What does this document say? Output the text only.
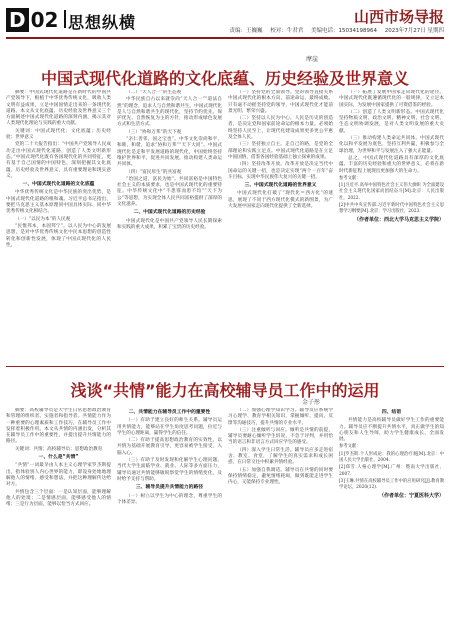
D 02 思想纵横	山西市场导报
责编：王巍巍 校对：牛君君 美编电话：15034198964 2023年7月27日 星期四
摩崖
中国式现代化道路的文化底蕴、历史经验及世界意义

摘要：中国式现代化道路是在新时代的中国共产党领导下，根植于中华优秀传统文化，吸收人类文明有益成果，立足中国国情走出来的一条现代化道路。本文从文化底蕴、历史经验及世界意义三个方面阐述中国式现代化道路的深刻内涵，揭示其对人类现代化理论与实践的重大贡献。

关键词：中国式现代化；文化底蕴；历史经验；世界意义

党的二十大报告指出：“中国共产党领导人民成功走出中国式现代化道路，创造了人类文明新形态。”中国式现代化既有各国现代化的共同特征，更有基于自己国情的中国特色，深刻把握其文化底蕴、历史经验及世界意义，具有重要理论和现实意义。

一、中国式现代化道路的文化底蕴

中华优秀传统文化是中华民族的突出优势，是中国式现代化道路的根和魂。习近平总书记指出，要把马克思主义基本原理同中国具体实际、同中华优秀传统文化相结合。

（一）“以民为本”的人民观

“民惟邦本，本固邦宁”。以人民为中心的发展思想，是对中华优秀传统文化中民本思想的创造性转化和创新性发展，体现了中国式现代化的人民性。

（二）“天人合一”的生态观

中华民族自古以来就崇尚“天人合一”“道法自然”的理念，追求人与自然和谐共生。中国式现代化是人与自然和谐共生的现代化，坚持节约优先、保护优先、自然恢复为主的方针，推动形成绿色发展方式和生活方式。

（三）“协和万邦”的天下观

“亲仁善邻，国之宝也”。中华文化崇尚和平、和睦、和谐，追求“协和万邦”“天下大同”。中国式现代化是走和平发展道路的现代化，中国始终坚持维护世界和平、促进共同发展，推动构建人类命运共同体。

（四）“富民厚生”的共富观

“治国之道，富民为始”。共同富裕是中国特色社会主义的本质要求，也是中国式现代化的重要特征。中华传统文化中“不患寡而患不均”“天下为公”等思想，为实现全体人民共同富裕提供了深厚的文化滋养。

二、中国式现代化道路的历史经验

中国式现代化是中国共产党领导人民长期探索和实践的重大成果，积累了宝贵的历史经验。

（一）坚持党的全面领导。党的领导直接关系中国式现代化的根本方向、前途命运、最终成败。只有毫不动摇坚持党的领导，中国式现代化才能前景光明、繁荣兴盛。

（二）坚持以人民为中心。人民是历史的创造者，是决定党和国家前途命运的根本力量。必须始终坚持人民至上，让现代化建设成果更多更公平惠及全体人民。

（三）坚持独立自主。走自己的路，是党的全部理论和实践立足点。中国式现代化道路是在立足中国国情、借鉴各国经验基础上独立探索的成果。

（四）坚持改革开放。改革开放是决定当代中国命运的关键一招，也是决定实现“两个一百年”奋斗目标、实现中华民族伟大复兴的关键一招。

三、中国式现代化道路的世界意义

中国式现代化打破了“现代化＝西方化”的迷思，展现了不同于西方现代化模式的新图景，为广大发展中国家走向现代化提供了全新选择。

（一）拓展了发展中国家走向现代化的途径。中国式现代化既遵循现代化的一般规律，又立足本国实际，为发展中国家提供了可资借鉴的经验。

（二）创造了人类文明新形态。中国式现代化坚持物质文明、政治文明、精神文明、社会文明、生态文明协调发展，是对人类文明发展的重大贡献。

（三）推动构建人类命运共同体。中国式现代化以和平发展为底色，坚持互利共赢，积极参与全球治理，为世界和平与发展注入了强大正能量。

总之，中国式现代化道路具有深厚的文化底蕴、丰富的历史经验和重大的世界意义，必将在新时代新征程上展现出更加强大的生命力。

参考文献：

[1]习近平.高举中国特色社会主义伟大旗帜 为全面建设社会主义现代化国家而团结奋斗[M].北京：人民出版社，2022.

[2]中共中央宣传部.习近平新时代中国特色社会主义思想学习纲要[M].北京：学习出版社，2023.

（作者单位：西北大学马克思主义学院）

浅谈“共情”能力在高校辅导员工作中的运用
金子彤

摘要：高校辅导员是大学生日常思想政治教育和管理的组织者、实施者和指导者。共情能力作为一种重要的心理素质和工作技巧，在辅导员工作中发挥着积极作用。本文从共情的内涵出发，分析其在辅导员工作中的重要性，并提出提升共情能力的路径。

关键词：共情；高校辅导员；思想政治教育

一、什么是“共情”

“共情”一词最早由人本主义心理学家罗杰斯提出，指体验别人内心世界的能力，即设身处地地理解他人的情绪、感受和想法，并把这种理解传达给对方。

共情包含三个层面：一是认知层面，能够理解他人的处境；二是情感层面，能够感受他人的情绪；三是行为层面，能够以恰当方式回应。

二、共情能力在辅导员工作中的重要性

（一）有助于建立良好的师生关系。辅导员运用共情能力，能够站在学生角度思考问题，拉近与学生的心理距离，赢得学生的信任。

（二）有助于提高思想政治教育的实效性。以共情为基础开展教育引导，更容易被学生接受，入脑入心。

（三）有助于及时发现和化解学生心理问题。当代大学生面临学业、就业、人际等多方面压力，辅导员通过共情能够敏锐察觉学生的情绪变化，及时给予支持与帮助。

三、辅导员提升共情能力的路径

（一）树立以学生为中心的理念，尊重学生的个体差异。

（二）加强心理学知识学习。辅导员应系统学习心理学、教育学相关知识，掌握倾听、提问、反馈等沟通技巧，提升共情的专业水平。

（三）注重倾听与回应。倾听是共情的前提，辅导员要耐心倾听学生诉说，不急于评判，并用恰当的语言和非语言方式回应学生的感受。

（四）深入学生日常生活。辅导员应多走进宿舍、教室、食堂，了解学生的真实需求和成长困惑，在日常交往中积累共情经验。

（五）加强自我调适。辅导员在共情的同时要保持情绪稳定，避免情绪耗竭，做到既能走进学生内心，又能保持专业理性。

四、结语

共情能力是高校辅导员做好学生工作的重要能力。辅导员应不断提升共情水平，真正做学生的知心朋友和人生导师，助力学生健康成长、全面发展。

参考文献：

[1]罗杰斯.个人形成论：我的心理治疗观[M].北京：中国人民大学出版社，2004.

[2]郑雪.人格心理学[M].广州：暨南大学出版社，2007.

[3]王琳.共情在高校辅导员工作中的应用研究[J].教育教学论坛，2020(12).

（作者单位：宁夏医科大学）
